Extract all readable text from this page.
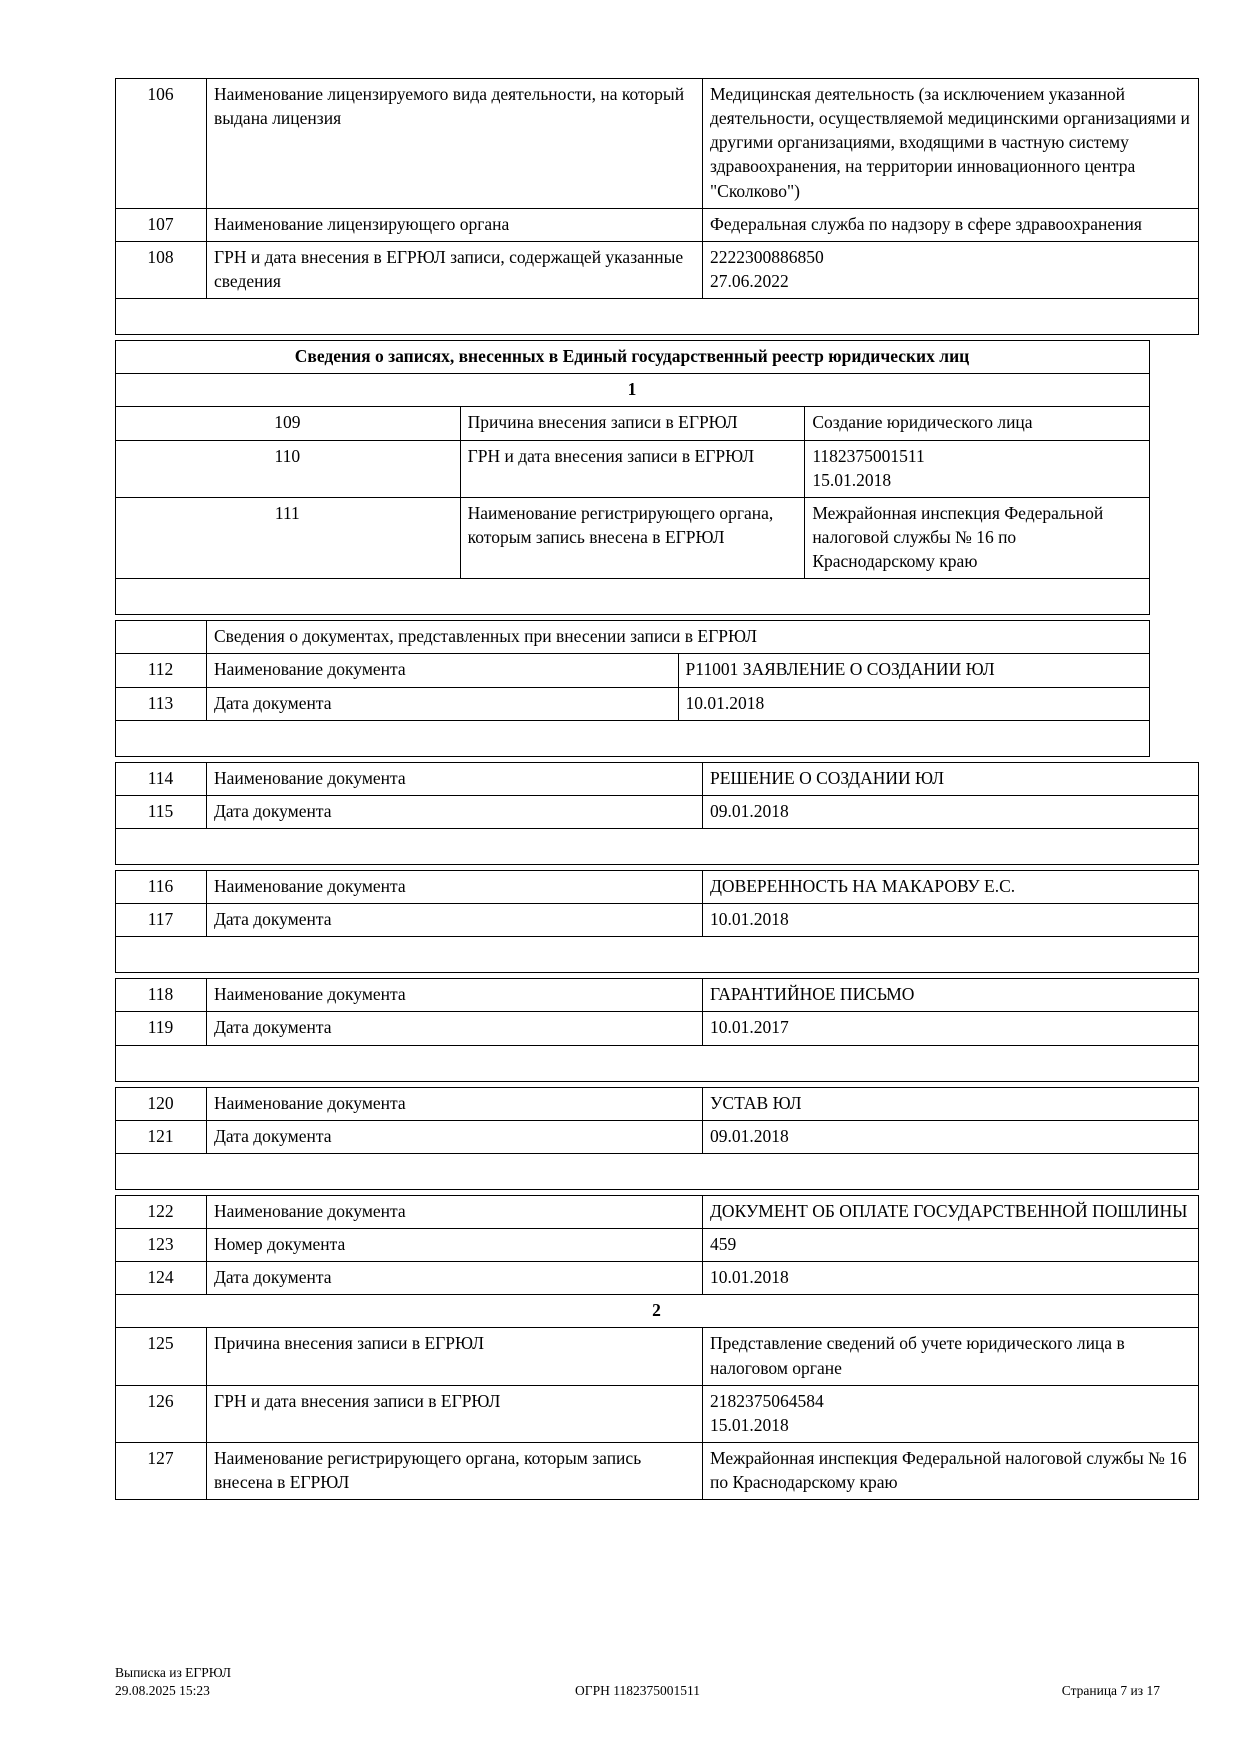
106	Наименование лицензируемого вида деятельности, на который выдана лицензия	Медицинская деятельность (за исключением указанной деятельности, осуществляемой медицинскими организациями и другими организациями, входящими в частную систему здравоохранения, на территории инновационного центра "Сколково")
107	Наименование лицензирующего органа	Федеральная служба по надзору в сфере здравоохранения
108	ГРН и дата внесения в ЕГРЮЛ записи, содержащей указанные сведения	2222300886850
27.06.2022

Сведения о записях, внесенных в Единый государственный реестр юридических лиц		
1		
109	Причина внесения записи в ЕГРЮЛ	Создание юридического лица
110	ГРН и дата внесения записи в ЕГРЮЛ	1182375001511
15.01.2018

111	Наименование регистрирующего органа, которым запись внесена в ЕГРЮЛ	Межрайонная инспекция Федеральной налоговой службы № 16 по Краснодарскому краю

	Сведения о документах, представленных при внесении записи в ЕГРЮЛ	
112	Наименование документа	Р11001 ЗАЯВЛЕНИЕ О СОЗДАНИИ ЮЛ
113	Дата документа	10.01.2018

114	Наименование документа	РЕШЕНИЕ О СОЗДАНИИ ЮЛ
115	Дата документа	09.01.2018

116	Наименование документа	ДОВЕРЕННОСТЬ НА МАКАРОВУ Е.С.
117	Дата документа	10.01.2018

118	Наименование документа	ГАРАНТИЙНОЕ ПИСЬМО
119	Дата документа	10.01.2017

120	Наименование документа	УСТАВ ЮЛ
121	Дата документа	09.01.2018

122	Наименование документа	ДОКУМЕНТ ОБ ОПЛАТЕ ГОСУДАРСТВЕННОЙ ПОШЛИНЫ
123	Номер документа	459
124	Дата документа	10.01.2018
2		
125	Причина внесения записи в ЕГРЮЛ	Представление сведений об учете юридического лица в налоговом органе
126	ГРН и дата внесения записи в ЕГРЮЛ	2182375064584
15.01.2018

127	Наименование регистрирующего органа, которым запись внесена в ЕГРЮЛ	Межрайонная инспекция Федеральной налоговой службы № 16 по Краснодарскому краю
Выписка из ЕГРЮЛ
29.08.2025 15:23	ОГРН 1182375001511	Страница 7 из 17
